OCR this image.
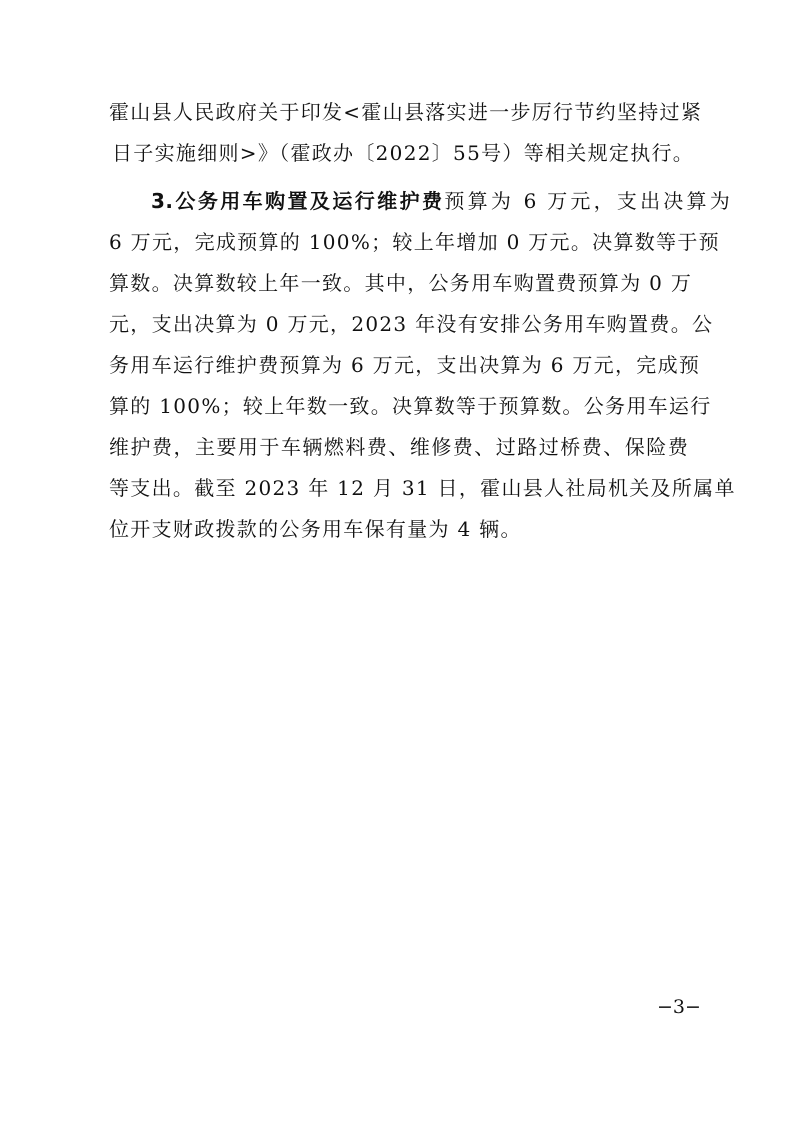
霍山县人民政府关于印发<霍山县落实进一步厉行节约坚持过紧
日子实施细则>》（霍政办〔2022〕55号）等相关规定执行。
3.公务用车购置及运行维护费预算为 6 万元，支出决算为
6 万元，完成预算的 100%；较上年增加 0 万元。决算数等于预
算数。决算数较上年一致。其中，公务用车购置费预算为 0 万
元，支出决算为 0 万元，2023 年没有安排公务用车购置费。公
务用车运行维护费预算为 6 万元，支出决算为 6 万元，完成预
算的 100%；较上年数一致。决算数等于预算数。公务用车运行
维护费，主要用于车辆燃料费、维修费、过路过桥费、保险费
等支出。截至 2023 年 12 月 31 日，霍山县人社局机关及所属单
位开支财政拨款的公务用车保有量为 4 辆。
−3−
